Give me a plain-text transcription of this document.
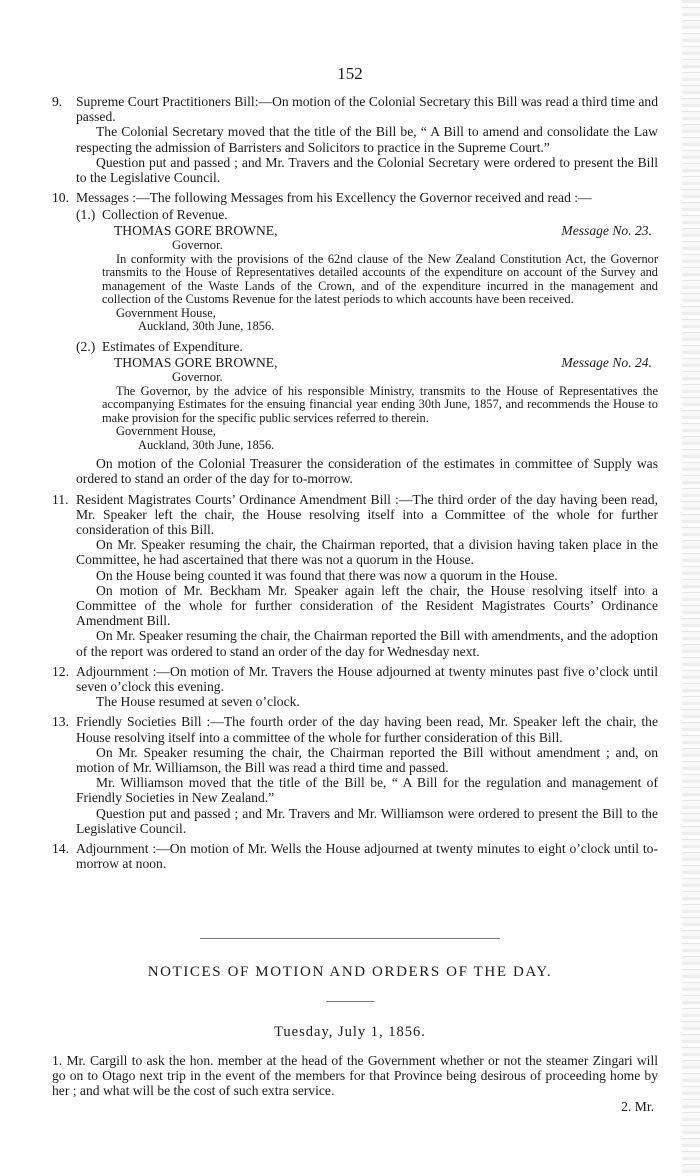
152
9. Supreme Court Practitioners Bill:—On motion of the Colonial Secretary this Bill was read a third time and passed.

The Colonial Secretary moved that the title of the Bill be, “ A Bill to amend and consolidate the Law respecting the admission of Barristers and Solicitors to practice in the Supreme Court.”

Question put and passed ; and Mr. Travers and the Colonial Secretary were ordered to present the Bill to the Legislative Council.

10. Messages :—The following Messages from his Excellency the Governor received and read :—

(1.) Collection of Revenue.
THOMAS GORE BROWNE,	Message No. 23.
Governor.

In conformity with the provisions of the 62nd clause of the New Zealand Constitution Act, the Governor transmits to the House of Representatives detailed accounts of the expenditure on account of the Survey and management of the Waste Lands of the Crown, and of the expenditure incurred in the management and collection of the Customs Revenue for the latest periods to which accounts have been received.

Government House,
Auckland, 30th June, 1856.
(2.) Estimates of Expenditure.
THOMAS GORE BROWNE,	Message No. 24.
Governor.

The Governor, by the advice of his responsible Ministry, transmits to the House of Representatives the accompanying Estimates for the ensuing financial year ending 30th June, 1857, and recommends the House to make provision for the specific public services referred to therein.

Government House,
Auckland, 30th June, 1856.

On motion of the Colonial Treasurer the consideration of the estimates in committee of Supply was ordered to stand an order of the day for to-morrow.

11. Resident Magistrates Courts’ Ordinance Amendment Bill :—The third order of the day having been read, Mr. Speaker left the chair, the House resolving itself into a Committee of the whole for further consideration of this Bill.

On Mr. Speaker resuming the chair, the Chairman reported, that a division having taken place in the Committee, he had ascertained that there was not a quorum in the House.

On the House being counted it was found that there was now a quorum in the House.

On motion of Mr. Beckham Mr. Speaker again left the chair, the House resolving itself into a Committee of the whole for further consideration of the Resident Magistrates Courts’ Ordinance Amendment Bill.

On Mr. Speaker resuming the chair, the Chairman reported the Bill with amendments, and the adoption of the report was ordered to stand an order of the day for Wednesday next.

12. Adjournment :—On motion of Mr. Travers the House adjourned at twenty minutes past five o’clock until seven o’clock this evening.

The House resumed at seven o’clock.

13. Friendly Societies Bill :—The fourth order of the day having been read, Mr. Speaker left the chair, the House resolving itself into a committee of the whole for further consideration of this Bill.

On Mr. Speaker resuming the chair, the Chairman reported the Bill without amendment ; and, on motion of Mr. Williamson, the Bill was read a third time and passed.

Mr. Williamson moved that the title of the Bill be, “ A Bill for the regulation and management of Friendly Societies in New Zealand.”

Question put and passed ; and Mr. Travers and Mr. Williamson were ordered to present the Bill to the Legislative Council.

14. Adjournment :—On motion of Mr. Wells the House adjourned at twenty minutes to eight o’clock until to-morrow at noon.

NOTICES OF MOTION AND ORDERS OF THE DAY.
Tuesday, July 1, 1856.

1. Mr. Cargill to ask the hon. member at the head of the Government whether or not the steamer Zingari will go on to Otago next trip in the event of the members for that Province being desirous of proceeding home by her ; and what will be the cost of such extra service.

2. Mr.
